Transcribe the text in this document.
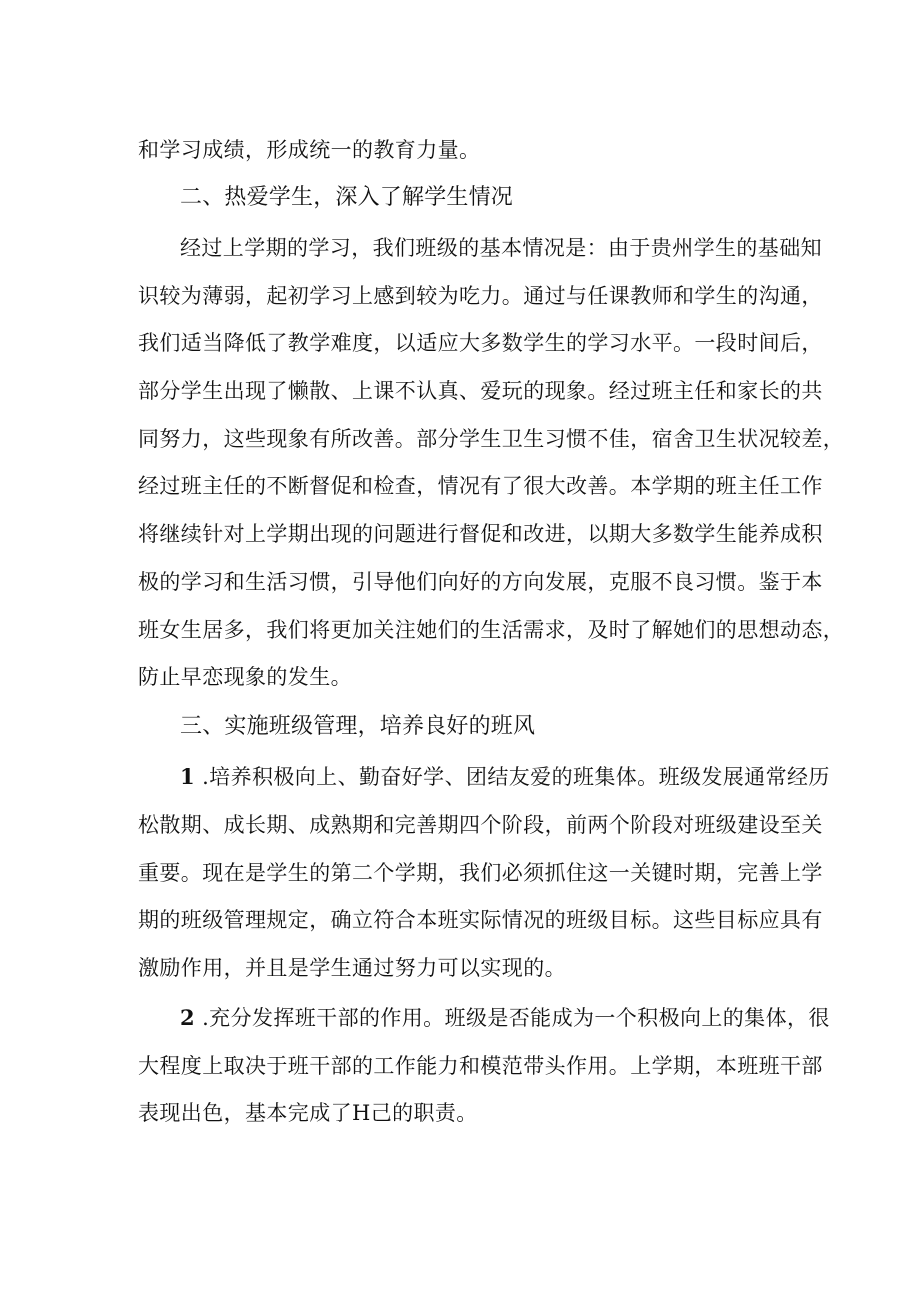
和学习成绩，形成统一的教育力量。
二、热爱学生，深入了解学生情况
经过上学期的学习，我们班级的基本情况是：由于贵州学生的基础知
识较为薄弱，起初学习上感到较为吃力。通过与任课教师和学生的沟通，
我们适当降低了教学难度，以适应大多数学生的学习水平。一段时间后，
部分学生出现了懒散、上课不认真、爱玩的现象。经过班主任和家长的共
同努力，这些现象有所改善。部分学生卫生习惯不佳，宿舍卫生状况较差，
经过班主任的不断督促和检查，情况有了很大改善。本学期的班主任工作
将继续针对上学期出现的问题进行督促和改进，以期大多数学生能养成积
极的学习和生活习惯，引导他们向好的方向发展，克服不良习惯。鉴于本
班女生居多，我们将更加关注她们的生活需求，及时了解她们的思想动态，
防止早恋现象的发生。
三、实施班级管理，培养良好的班风
1 .培养积极向上、勤奋好学、团结友爱的班集体。班级发展通常经历
松散期、成长期、成熟期和完善期四个阶段，前两个阶段对班级建设至关
重要。现在是学生的第二个学期，我们必须抓住这一关键时期，完善上学
期的班级管理规定，确立符合本班实际情况的班级目标。这些目标应具有
激励作用，并且是学生通过努力可以实现的。
2 .充分发挥班干部的作用。班级是否能成为一个积极向上的集体，很
大程度上取决于班干部的工作能力和模范带头作用。上学期，本班班干部
表现出色，基本完成了H己的职责。
